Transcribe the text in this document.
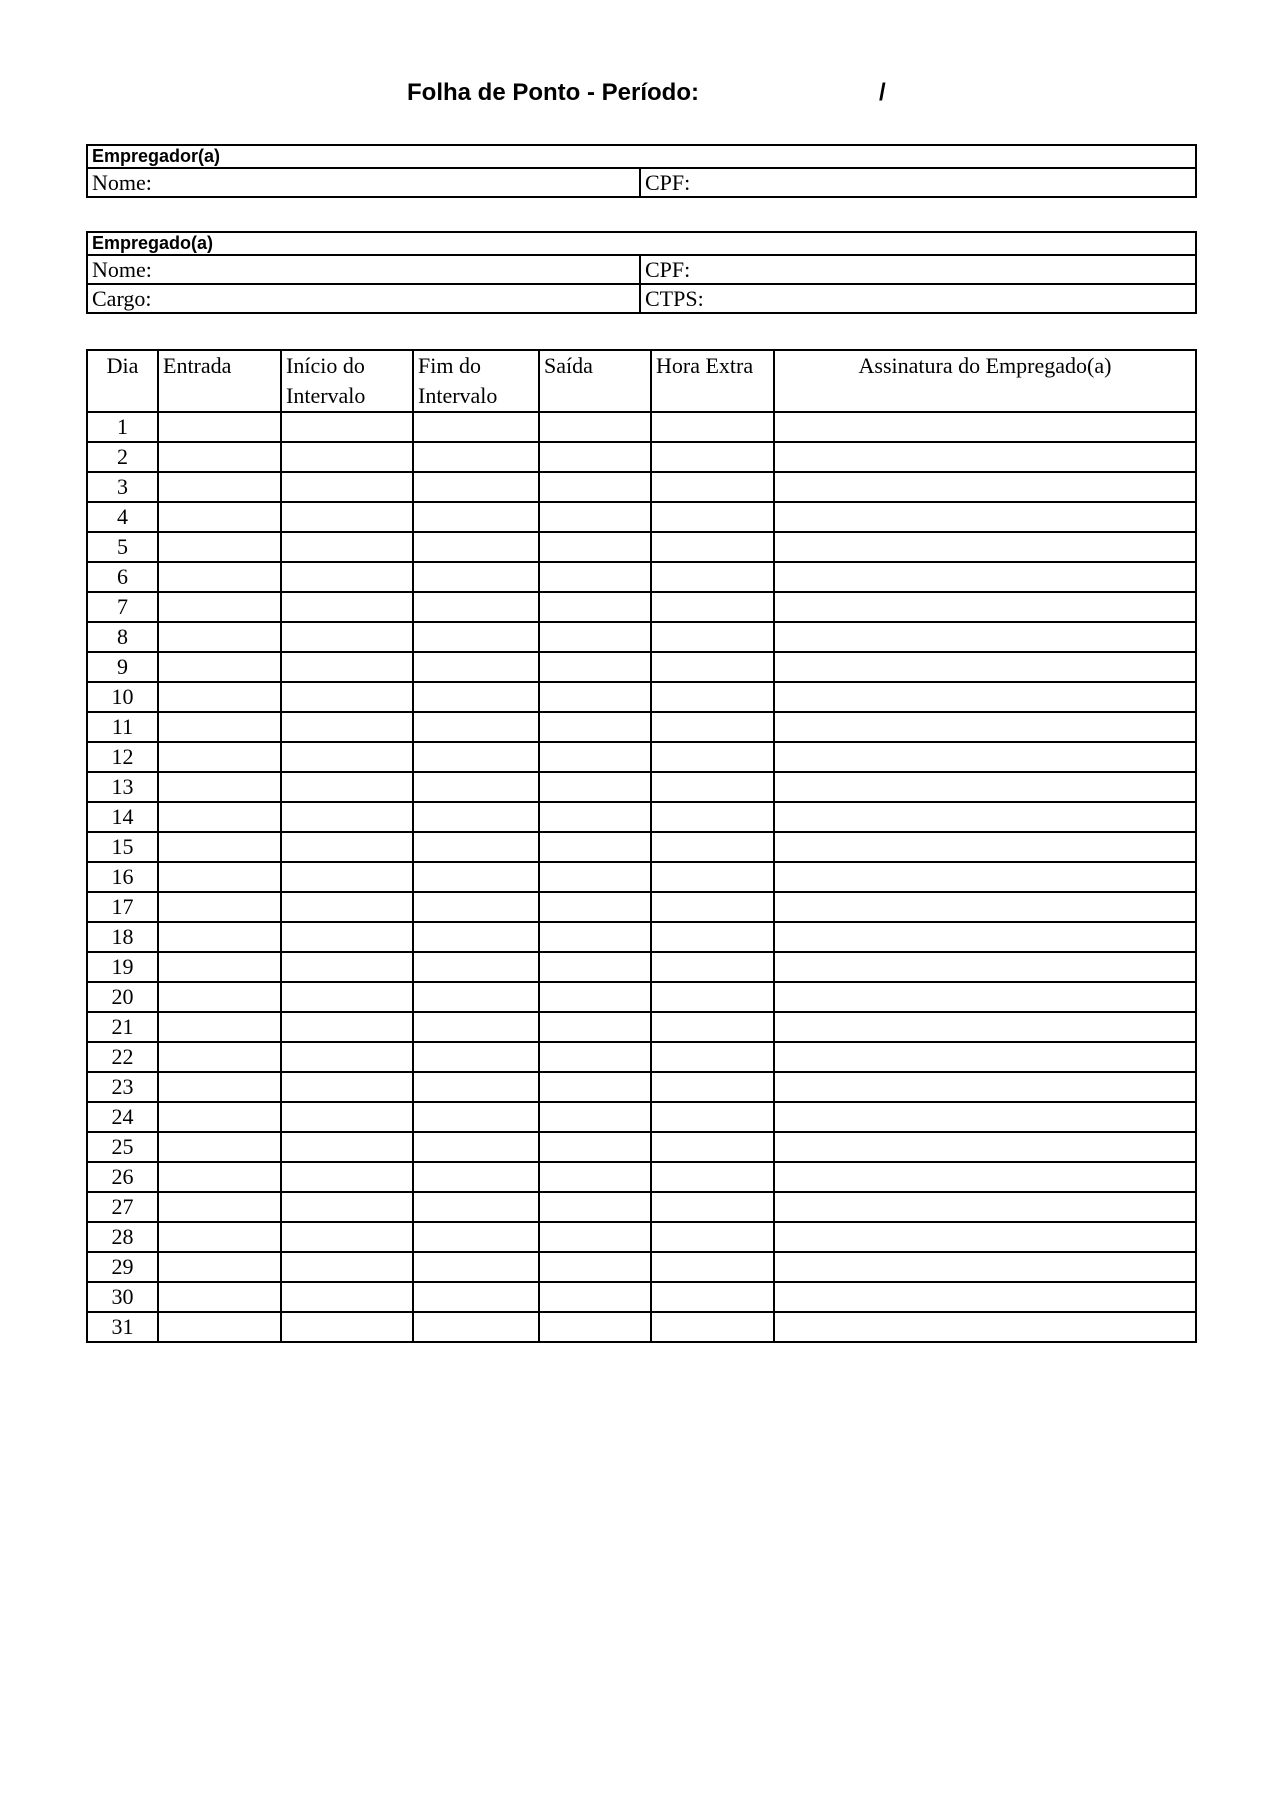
Folha de Ponto - Período:	/
Empregador(a)
Nome:	CPF:
Empregado(a)	
Nome:	CPF:
Cargo:	CTPS:
Dia	Entrada	Início do Intervalo	Fim do Intervalo	Saída	Hora Extra	Assinatura do Empregado(a)
1						
2						
3						
4						
5						
6						
7						
8						
9						
10						
11						
12						
13						
14						
15						
16						
17						
18						
19						
20						
21						
22						
23						
24						
25						
26						
27						
28						
29						
30						
31						
